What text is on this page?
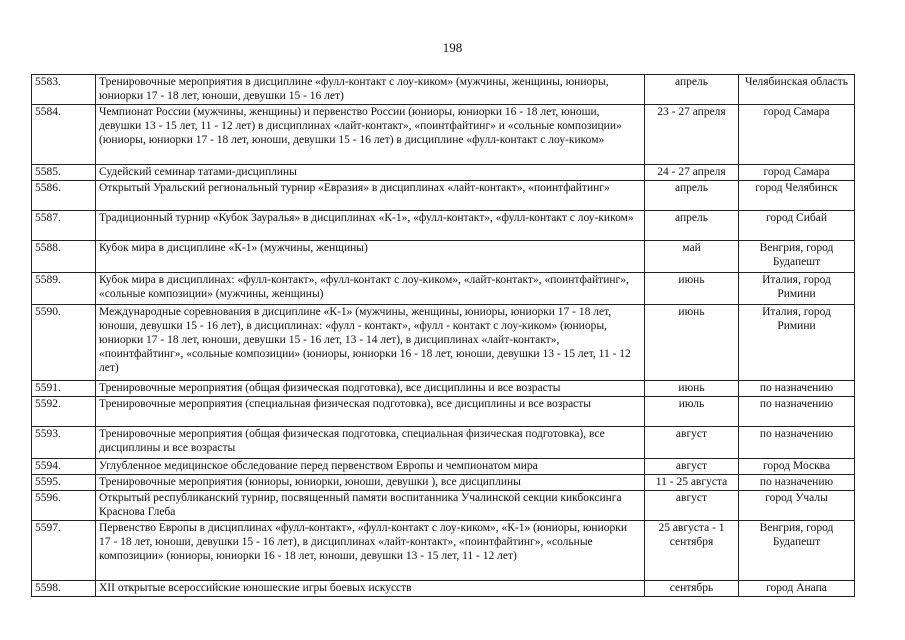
198
5583.	Тренировочные мероприятия в дисциплине «фулл-контакт с лоу-киком» (мужчины, женщины, юниоры, юниорки 17 - 18 лет, юноши, девушки 15 - 16 лет)	апрель	Челябинская область
5584.	Чемпионат России (мужчины, женщины) и первенство России (юниоры, юниорки 16 - 18 лет, юноши, девушки 13 - 15 лет, 11 - 12 лет) в дисциплинах «лайт-контакт», «поинтфайтинг» и «сольные композиции» (юниоры, юниорки 17 - 18 лет, юноши, девушки 15 - 16 лет) в дисциплине «фулл-контакт с лоу-киком»	23 - 27 апреля	город Самара
5585.	Судейский семинар татами-дисциплины	24 - 27 апреля	город Самара
5586.	Открытый Уральский региональный турнир «Евразия» в дисциплинах «лайт-контакт», «поинтфайтинг»	апрель	город Челябинск
5587.	Традиционный турнир «Кубок Зауралья» в дисциплинах «К-1», «фулл-контакт», «фулл-контакт с лоу-киком»	апрель	город Сибай
5588.	Кубок мира в дисциплине «К-1» (мужчины, женщины)	май	Венгрия, город Будапешт
5589.	Кубок мира в дисциплинах: «фулл-контакт», «фулл-контакт с лоу-киком», «лайт-контакт», «поинтфайтинг», «сольные композиции» (мужчины, женщины)	июнь	Италия, город Римини
5590.	Международные соревнования в дисциплине «К-1» (мужчины, женщины, юниоры, юниорки 17 - 18 лет, юноши, девушки 15 - 16 лет), в дисциплинах: «фулл - контакт», «фулл - контакт с лоу-киком» (юниоры, юниорки 17 - 18 лет, юноши, девушки 15 - 16 лет, 13 - 14 лет), в дисциплинах «лайт-контакт», «поинтфайтинг», «сольные композиции» (юниоры, юниорки 16 - 18 лет, юноши, девушки 13 - 15 лет, 11 - 12 лет)	июнь	Италия, город Римини
5591.	Тренировочные мероприятия (общая физическая подготовка), все дисциплины и все возрасты	июнь	по назначению
5592.	Тренировочные мероприятия (специальная физическая подготовка), все дисциплины и все возрасты	июль	по назначению
5593.	Тренировочные мероприятия (общая физическая подготовка, специальная физическая подготовка), все дисциплины и все возрасты	август	по назначению
5594.	Углубленное медицинское обследование перед первенством Европы и чемпионатом мира	август	город Москва
5595.	Тренировочные мероприятия (юниоры, юниорки, юноши, девушки ), все дисциплины	11 - 25 августа	по назначению
5596.	Открытый республиканский турнир, посвященный памяти воспитанника Учалинской секции кикбоксинга Краснова Глеба	август	город Учалы
5597.	Первенство Европы в дисциплинах «фулл-контакт», «фулл-контакт с лоу-киком», «К-1» (юниоры, юниорки 17 - 18 лет, юноши, девушки 15 - 16 лет), в дисциплинах «лайт-контакт», «поинтфайтинг», «сольные композиции» (юниоры, юниорки 16 - 18 лет, юноши, девушки 13 - 15 лет, 11 - 12 лет)	25 августа - 1 сентября	Венгрия, город Будапешт
5598.	XII открытые всероссийские юношеские игры боевых искусств	сентябрь	город Анапа
